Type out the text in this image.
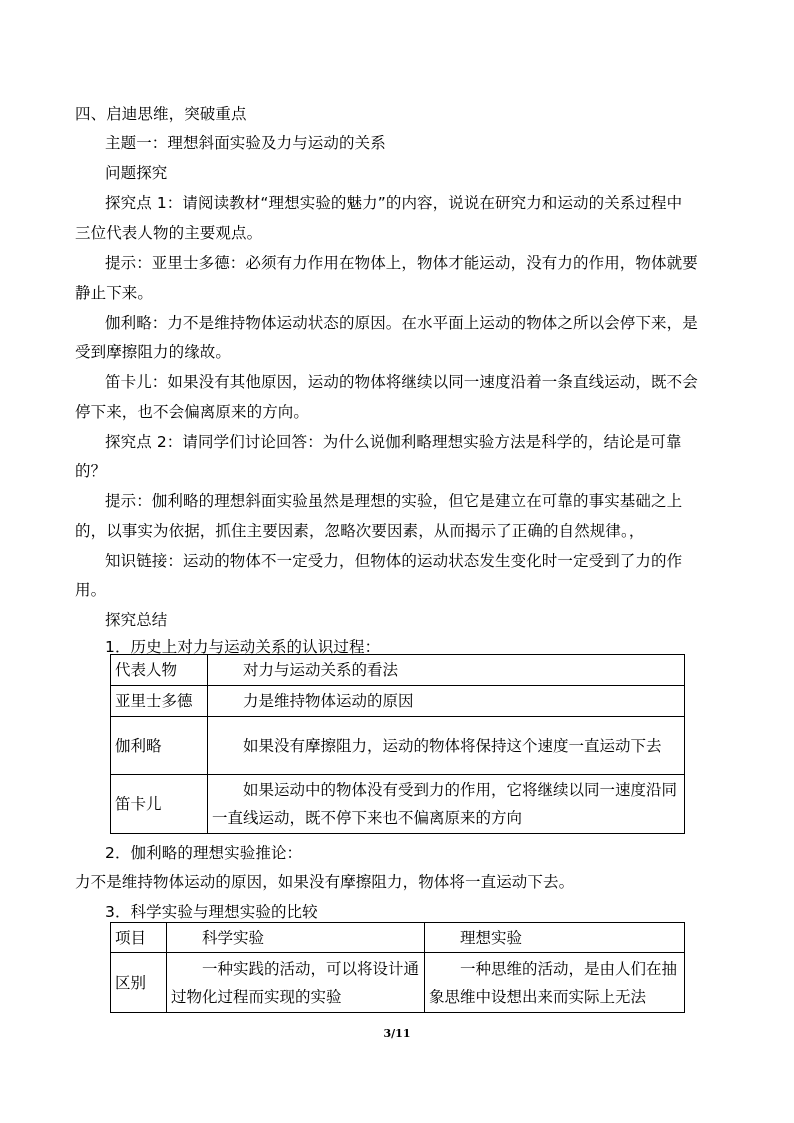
四、启迪思维，突破重点
主题一：理想斜面实验及力与运动的关系
问题探究
探究点 1：请阅读教材“理想实验的魅力”的内容，说说在研究力和运动的关系过程中
三位代表人物的主要观点。
提示：亚里士多德：必须有力作用在物体上，物体才能运动，没有力的作用，物体就要
静止下来。
伽利略：力不是维持物体运动状态的原因。在水平面上运动的物体之所以会停下来，是
受到摩擦阻力的缘故。
笛卡儿：如果没有其他原因，运动的物体将继续以同一速度沿着一条直线运动，既不会
停下来，也不会偏离原来的方向。
探究点 2：请同学们讨论回答：为什么说伽利略理想实验方法是科学的，结论是可靠
的？
提示：伽利略的理想斜面实验虽然是理想的实验，但它是建立在可靠的事实基础之上
的，以事实为依据，抓住主要因素，忽略次要因素，从而揭示了正确的自然规律。，
知识链接：运动的物体不一定受力，但物体的运动状态发生变化时一定受到了力的作
用。
探究总结
1．历史上对力与运动关系的认识过程：
代表人物	对力与运动关系的看法
亚里士多德	力是维持物体运动的原因
伽利略	如果没有摩擦阻力，运动的物体将保持这个速度一直运动下去
笛卡儿	如果运动中的物体没有受到力的作用，它将继续以同一速度沿同一直线运动，既不停下来也不偏离原来的方向
2．伽利略的理想实验推论：
力不是维持物体运动的原因，如果没有摩擦阻力，物体将一直运动下去。
3．科学实验与理想实验的比较
项目	科学实验	理想实验
区别	一种实践的活动，可以将设计通过物化过程而实现的实验	一种思维的活动，是由人们在抽象思维中设想出来而实际上无法
3/11
